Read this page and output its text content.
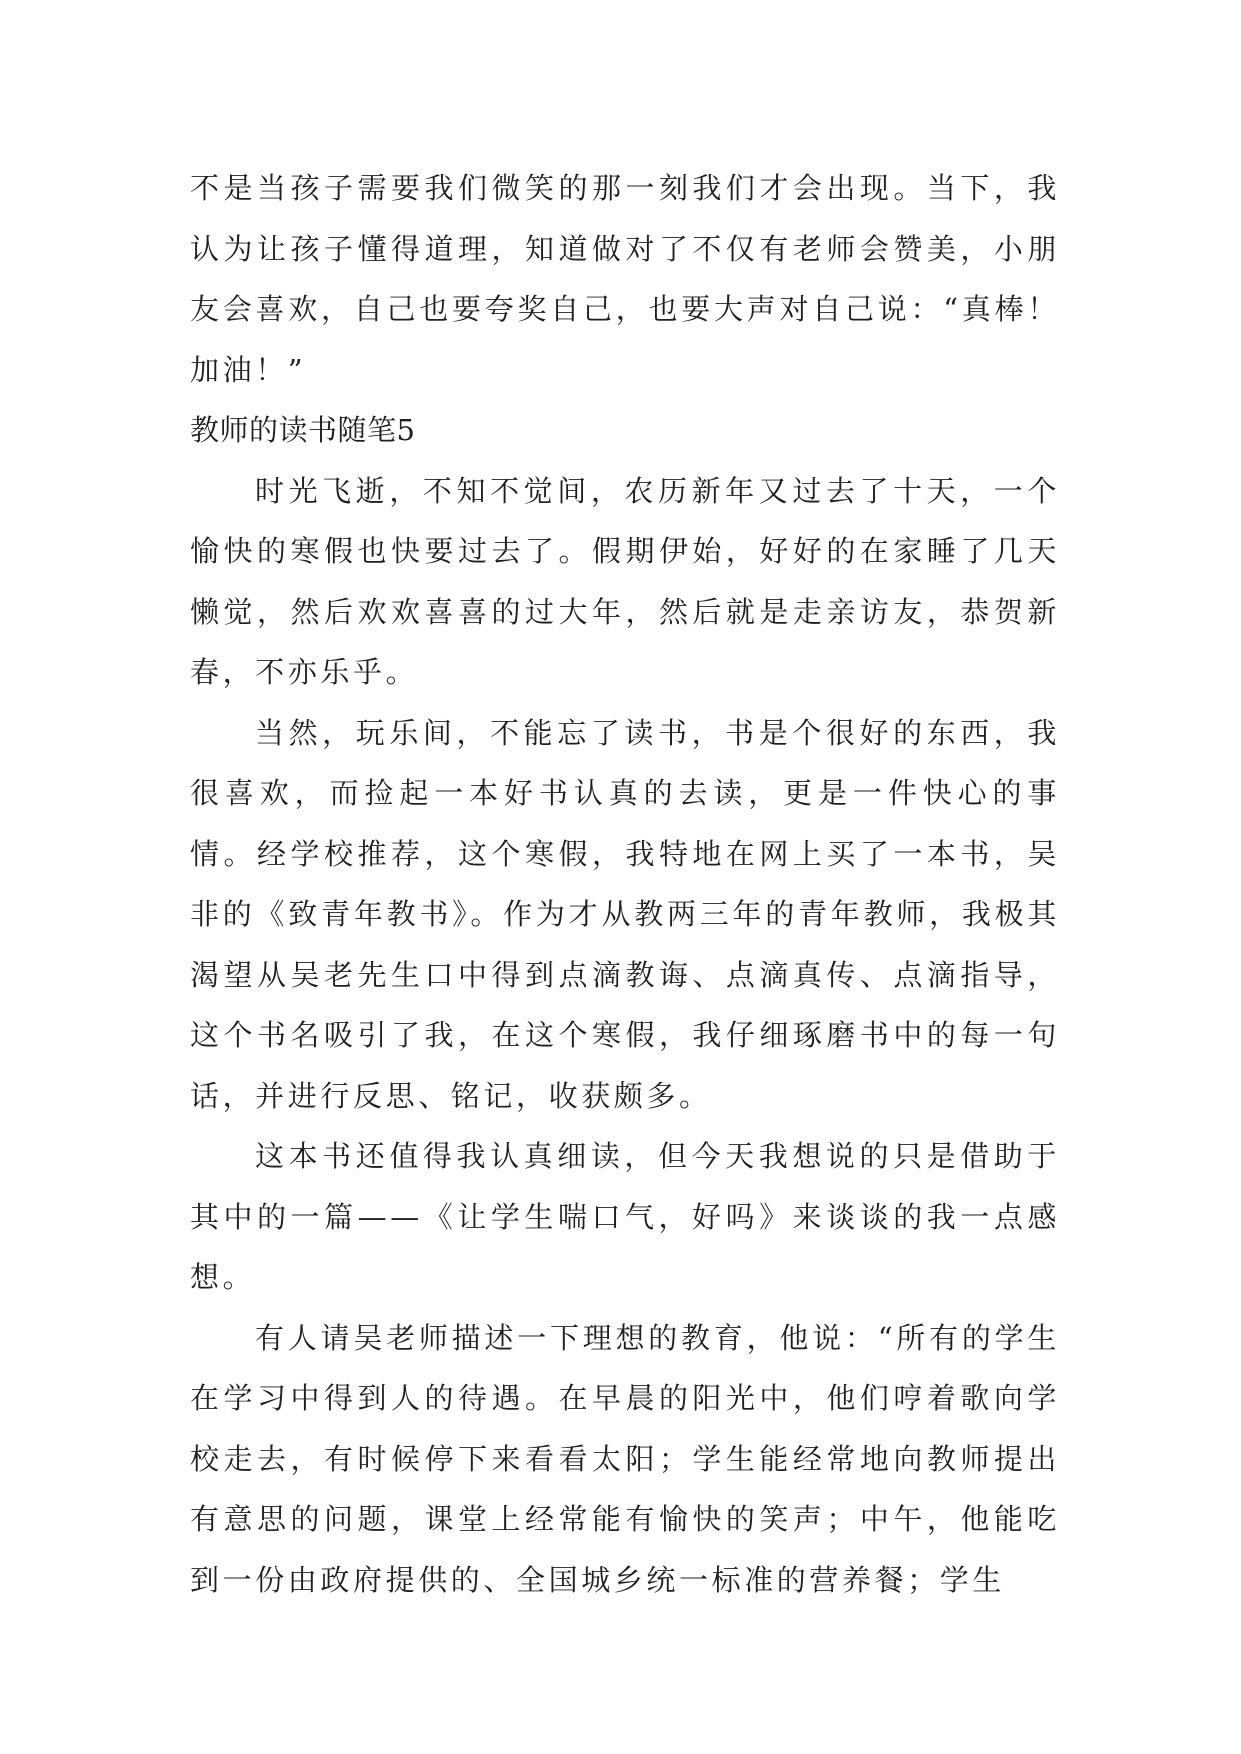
不是当孩子需要我们微笑的那一刻我们才会出现。当下，我认为让孩子懂得道理，知道做对了不仅有老师会赞美，小朋友会喜欢，自己也要夸奖自己，也要大声对自己说：“真棒！加油！”

教师的读书随笔5

时光飞逝，不知不觉间，农历新年又过去了十天，一个愉快的寒假也快要过去了。假期伊始，好好的在家睡了几天懒觉，然后欢欢喜喜的过大年，然后就是走亲访友，恭贺新春，不亦乐乎。

当然，玩乐间，不能忘了读书，书是个很好的东西，我很喜欢，而捡起一本好书认真的去读，更是一件快心的事情。经学校推荐，这个寒假，我特地在网上买了一本书，吴非的《致青年教书》。作为才从教两三年的青年教师，我极其渴望从吴老先生口中得到点滴教诲、点滴真传、点滴指导，这个书名吸引了我，在这个寒假，我仔细琢磨书中的每一句话，并进行反思、铭记，收获颇多。

这本书还值得我认真细读，但今天我想说的只是借助于其中的一篇——《让学生喘口气，好吗》来谈谈的我一点感想。

有人请吴老师描述一下理想的教育，他说：“所有的学生在学习中得到人的待遇。在早晨的阳光中，他们哼着歌向学校走去，有时候停下来看看太阳；学生能经常地向教师提出有意思的问题，课堂上经常能有愉快的笑声；中午，他能吃到一份由政府提供的、全国城乡统一标准的营养餐；学生
